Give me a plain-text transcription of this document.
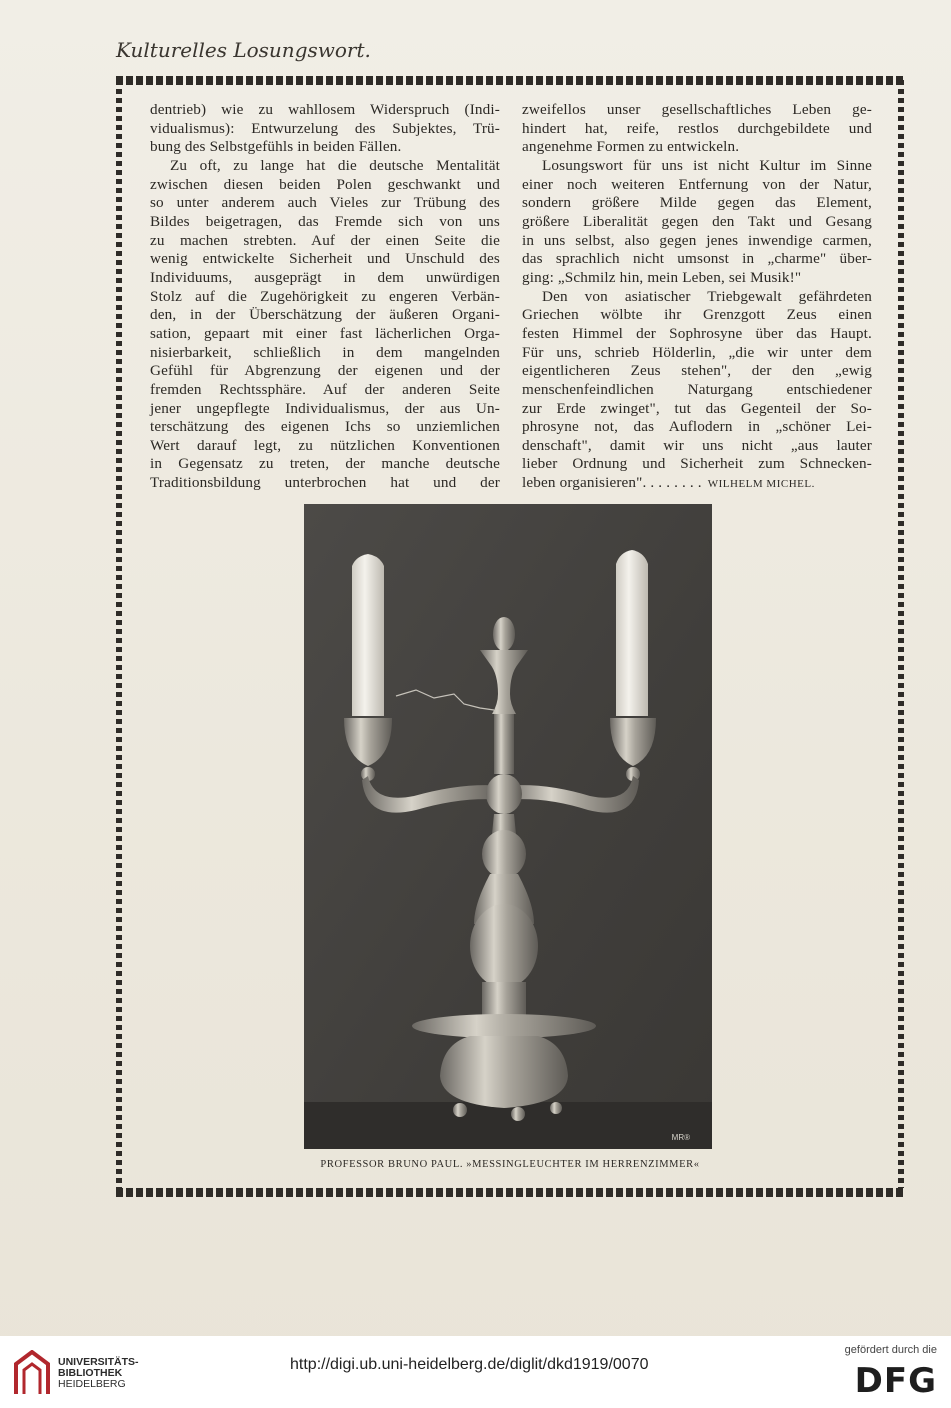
Kulturelles Losungswort.
dentrieb) wie zu wahllosem Widerspruch (Indi-
vidualismus): Entwurzelung des Subjektes, Trü-
bung des Selbstgefühls in beiden Fällen.
Zu oft, zu lange hat die deutsche Mentalität
zwischen diesen beiden Polen geschwankt und
so unter anderem auch Vieles zur Trübung des
Bildes beigetragen, das Fremde sich von uns
zu machen strebten. Auf der einen Seite die
wenig entwickelte Sicherheit und Unschuld des
Individuums, ausgeprägt in dem unwürdigen
Stolz auf die Zugehörigkeit zu engeren Verbän-
den, in der Überschätzung der äußeren Organi-
sation, gepaart mit einer fast lächerlichen Orga-
nisierbarkeit, schließlich in dem mangelnden
Gefühl für Abgrenzung der eigenen und der
fremden Rechtssphäre. Auf der anderen Seite
jener ungepflegte Individualismus, der aus Un-
terschätzung des eigenen Ichs so unziemlichen
Wert darauf legt, zu nützlichen Konventionen
in Gegensatz zu treten, der manche deutsche
Traditionsbildung unterbrochen hat und der
zweifellos unser gesellschaftliches Leben ge-
hindert hat, reife, restlos durchgebildete und
angenehme Formen zu entwickeln.
Losungswort für uns ist nicht Kultur im Sinne
einer noch weiteren Entfernung von der Natur,
sondern größere Milde gegen das Element,
größere Liberalität gegen den Takt und Gesang
in uns selbst, also gegen jenes inwendige carmen,
das sprachlich nicht umsonst in „charme" über-
ging: „Schmilz hin, mein Leben, sei Musik!"
Den von asiatischer Triebgewalt gefährdeten
Griechen wölbte ihr Grenzgott Zeus einen
festen Himmel der Sophrosyne über das Haupt.
Für uns, schrieb Hölderlin, „die wir unter dem
eigentlicheren Zeus stehen", der den „ewig
menschenfeindlichen Naturgang entschiedener
zur Erde zwinget", tut das Gegenteil der So-
phrosyne not, das Auflodern in „schöner Lei-
denschaft", damit wir uns nicht „aus lauter
lieber Ordnung und Sicherheit zum Schnecken-
leben organisieren". . . . . . . . WILHELM MICHEL.
MR®
PROFESSOR BRUNO PAUL. »MESSINGLEUCHTER IM HERRENZIMMER«
UNIVERSITÄTS-
BIBLIOTHEK
HEIDELBERG
http://digi.ub.uni-heidelberg.de/diglit/dkd1919/0070
gefördert durch die
DFG
